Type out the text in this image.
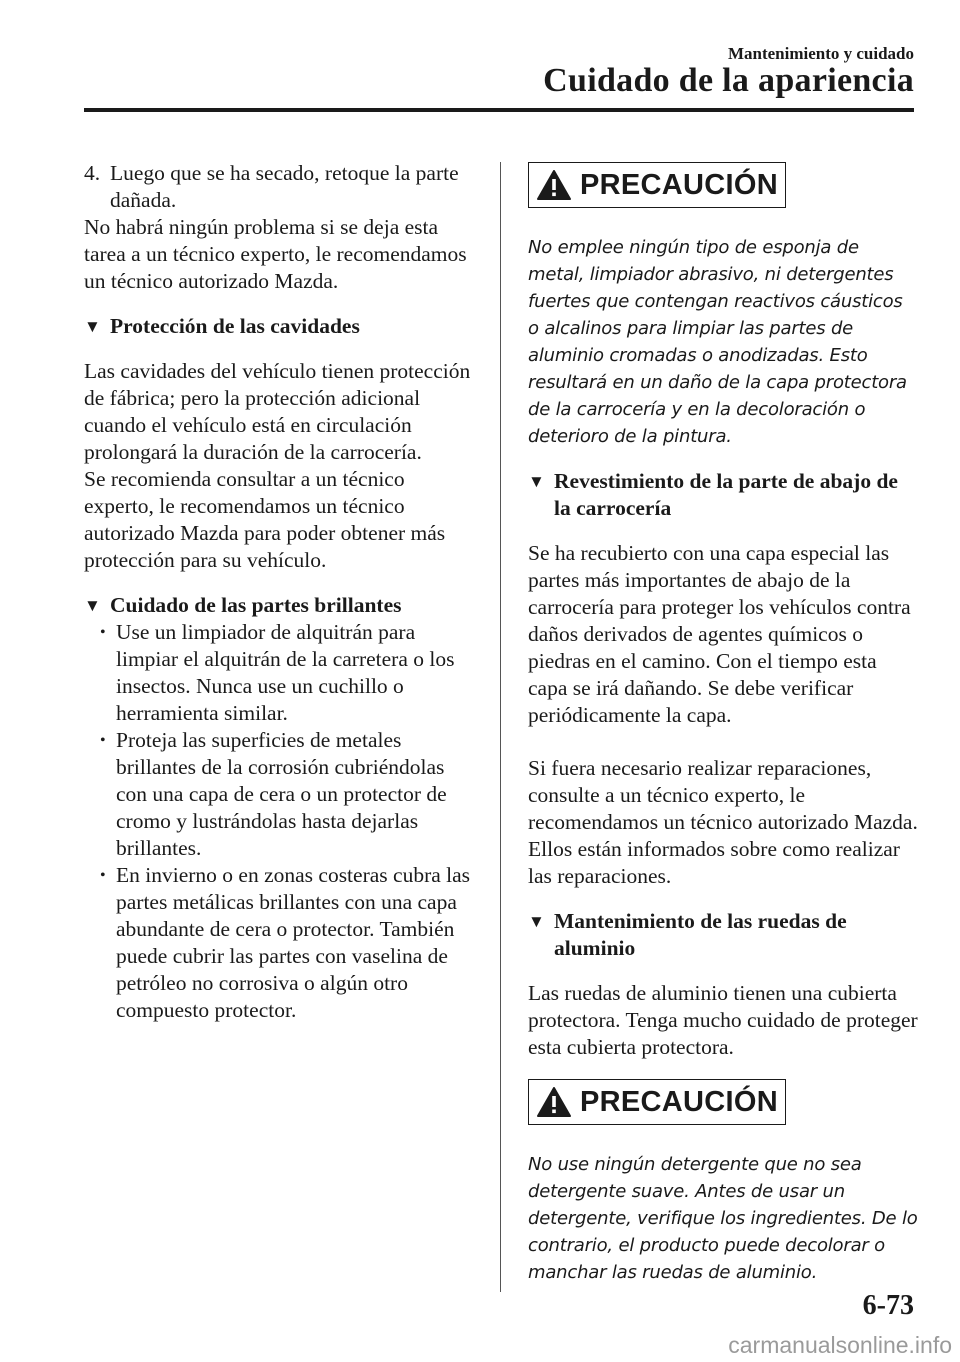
Mantenimiento y cuidado
Cuidado de la apariencia
4. Luego que se ha secado, retoque la parte dañada.

No habrá ningún problema si se deja esta tarea a un técnico experto, le recomendamos un técnico autorizado Mazda.

▼ Protección de las cavidades

Las cavidades del vehículo tienen protección de fábrica; pero la protección adicional cuando el vehículo está en circulación prolongará la duración de la carrocería.

Se recomienda consultar a un técnico experto, le recomendamos un técnico autorizado Mazda para poder obtener más protección para su vehículo.

▼ Cuidado de las partes brillantes
• Use un limpiador de alquitrán para limpiar el alquitrán de la carretera o los insectos. Nunca use un cuchillo o herramienta similar.
• Proteja las superficies de metales brillantes de la corrosión cubriéndolas con una capa de cera o un protector de cromo y lustrándolas hasta dejarlas brillantes.
• En invierno o en zonas costeras cubra las partes metálicas brillantes con una capa abundante de cera o protector. También puede cubrir las partes con vaselina de petróleo no corrosiva o algún otro compuesto protector.
PRECAUCIÓN

No emplee ningún tipo de esponja de metal, limpiador abrasivo, ni detergentes fuertes que contengan reactivos cáusticos o alcalinos para limpiar las partes de aluminio cromadas o anodizadas. Esto resultará en un daño de la capa protectora de la carrocería y en la decoloración o deterioro de la pintura.

▼ Revestimiento de la parte de abajo de la carrocería

Se ha recubierto con una capa especial las partes más importantes de abajo de la carrocería para proteger los vehículos contra daños derivados de agentes químicos o piedras en el camino. Con el tiempo esta capa se irá dañando. Se debe verificar periódicamente la capa.

Si fuera necesario realizar reparaciones, consulte a un técnico experto, le recomendamos un técnico autorizado Mazda. Ellos están informados sobre como realizar las reparaciones.

▼ Mantenimiento de las ruedas de aluminio

Las ruedas de aluminio tienen una cubierta protectora. Tenga mucho cuidado de proteger esta cubierta protectora.

PRECAUCIÓN

No use ningún detergente que no sea detergente suave. Antes de usar un detergente, verifique los ingredientes. De lo contrario, el producto puede decolorar o manchar las ruedas de aluminio.

6-73
carmanualsonline.info
